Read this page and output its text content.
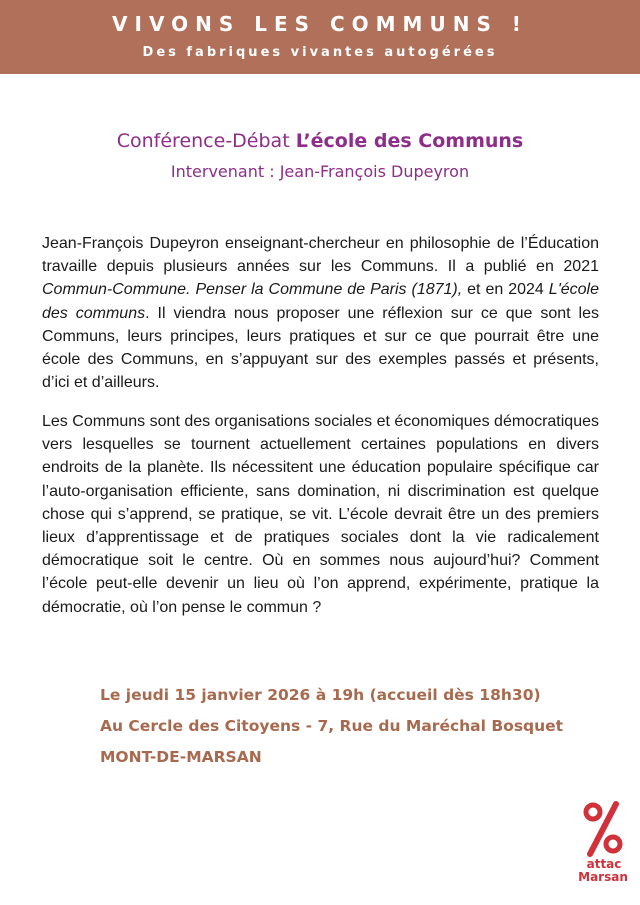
VIVONS LES COMMUNS !
Des fabriques vivantes autogérées
Conférence-Débat L’école des Communs
Intervenant : Jean-François Dupeyron

Jean-François Dupeyron enseignant-chercheur en philosophie de l’Éducation travaille depuis plusieurs années sur les Communs. Il a publié en 2021 Commun-Commune. Penser la Commune de Paris (1871), et en 2024 L'école des communs. Il viendra nous proposer une réflexion sur ce que sont les Communs, leurs principes, leurs pratiques et sur ce que pourrait être une école des Communs, en s’appuyant sur des exemples passés et présents, d’ici et d’ailleurs.

Les Communs sont des organisations sociales et économiques démocratiques vers lesquelles se tournent actuellement certaines populations en divers endroits de la planète. Ils nécessitent une éducation populaire spécifique car l’auto-organisation efficiente, sans domination, ni discrimination est quelque chose qui s’apprend, se pratique, se vit. L’école devrait être un des premiers lieux d’apprentissage et de pratiques sociales dont la vie radicalement démocratique soit le centre. Où en sommes nous aujourd’hui? Comment l’école peut-elle devenir un lieu où l’on apprend, expérimente, pratique la démocratie, où l’on pense le commun ?

Le jeudi 15 janvier 2026 à 19h (accueil dès 18h30)
Au Cercle des Citoyens - 7, Rue du Maréchal Bosquet
MONT-DE-MARSAN
attac
Marsan
